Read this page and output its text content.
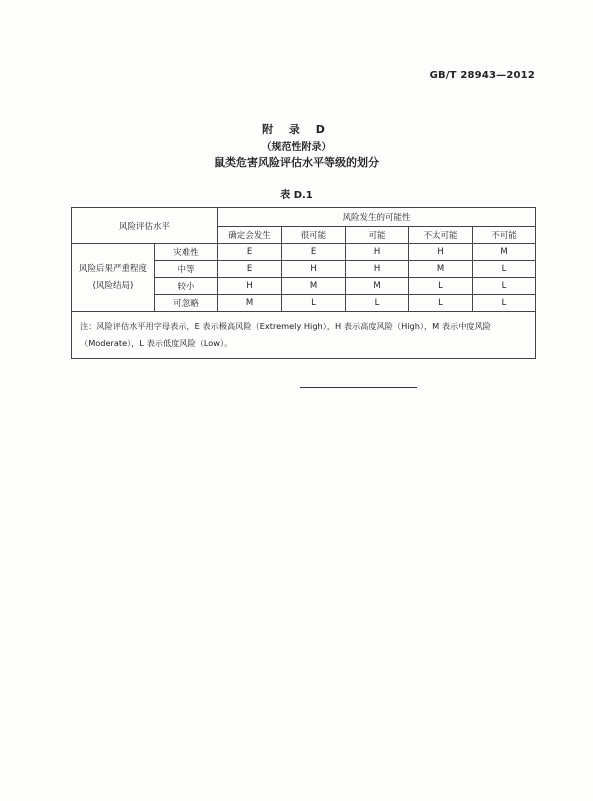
GB/T 28943—2012
附 录 D
（规范性附录）
鼠类危害风险评估水平等级的划分
表 D.1
风险评估水平		风险发生的可能性				
		确定会发生	很可能	可能	不太可能	不可能
风险后果严重程度(风险结局)	灾难性	E	E	H	H	M
	中等	E	H	H	M	L
	较小	H	M	M	L	L
	可忽略	M	L	L	L	L
注：风险评估水平用字母表示，E 表示极高风险（Extremely High），H 表示高度风险（High），M 表示中度风险（Moderate），L 表示低度风险（Low）。						
